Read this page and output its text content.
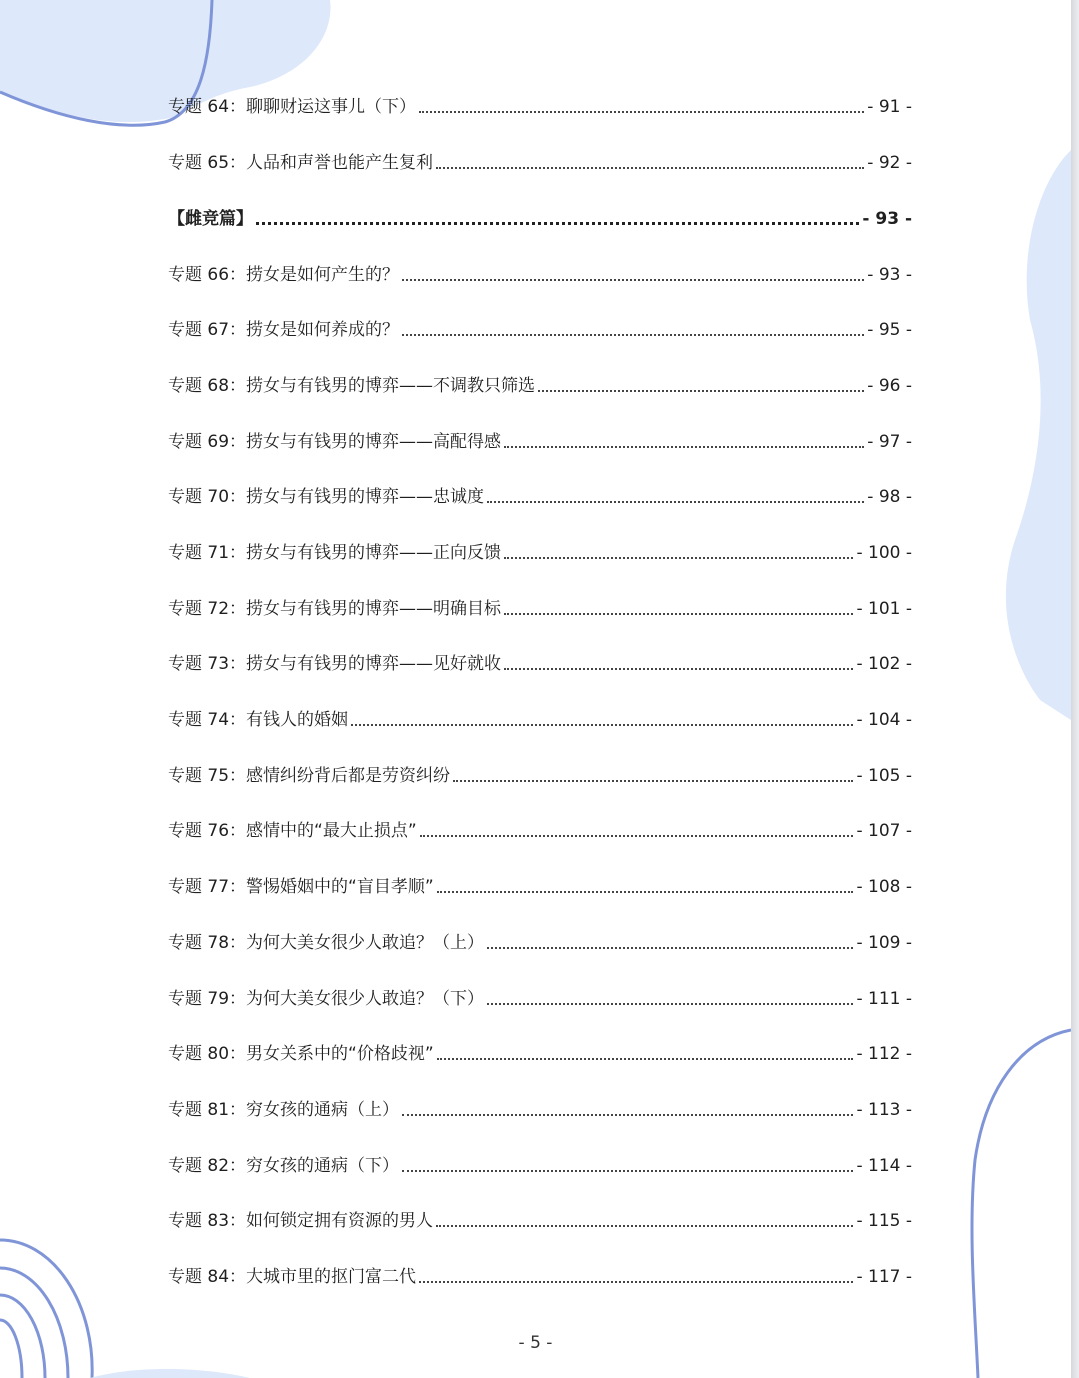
专题 64：聊聊财运这事儿（下）	- 91 -
专题 65：人品和声誉也能产生复利	- 92 -
【雌竞篇】	- 93 -
专题 66：捞女是如何产生的？	- 93 -
专题 67：捞女是如何养成的？	- 95 -
专题 68：捞女与有钱男的博弈——不调教只筛选	- 96 -
专题 69：捞女与有钱男的博弈——高配得感	- 97 -
专题 70：捞女与有钱男的博弈——忠诚度	- 98 -
专题 71：捞女与有钱男的博弈——正向反馈	- 100 -
专题 72：捞女与有钱男的博弈——明确目标	- 101 -
专题 73：捞女与有钱男的博弈——见好就收	- 102 -
专题 74：有钱人的婚姻	- 104 -
专题 75：感情纠纷背后都是劳资纠纷	- 105 -
专题 76：感情中的“最大止损点”	- 107 -
专题 77：警惕婚姻中的“盲目孝顺”	- 108 -
专题 78：为何大美女很少人敢追？（上）	- 109 -
专题 79：为何大美女很少人敢追？（下）	- 111 -
专题 80：男女关系中的“价格歧视”	- 112 -
专题 81：穷女孩的通病（上）	- 113 -
专题 82：穷女孩的通病（下）	- 114 -
专题 83：如何锁定拥有资源的男人	- 115 -
专题 84：大城市里的抠门富二代	- 117 -
- 5 -
